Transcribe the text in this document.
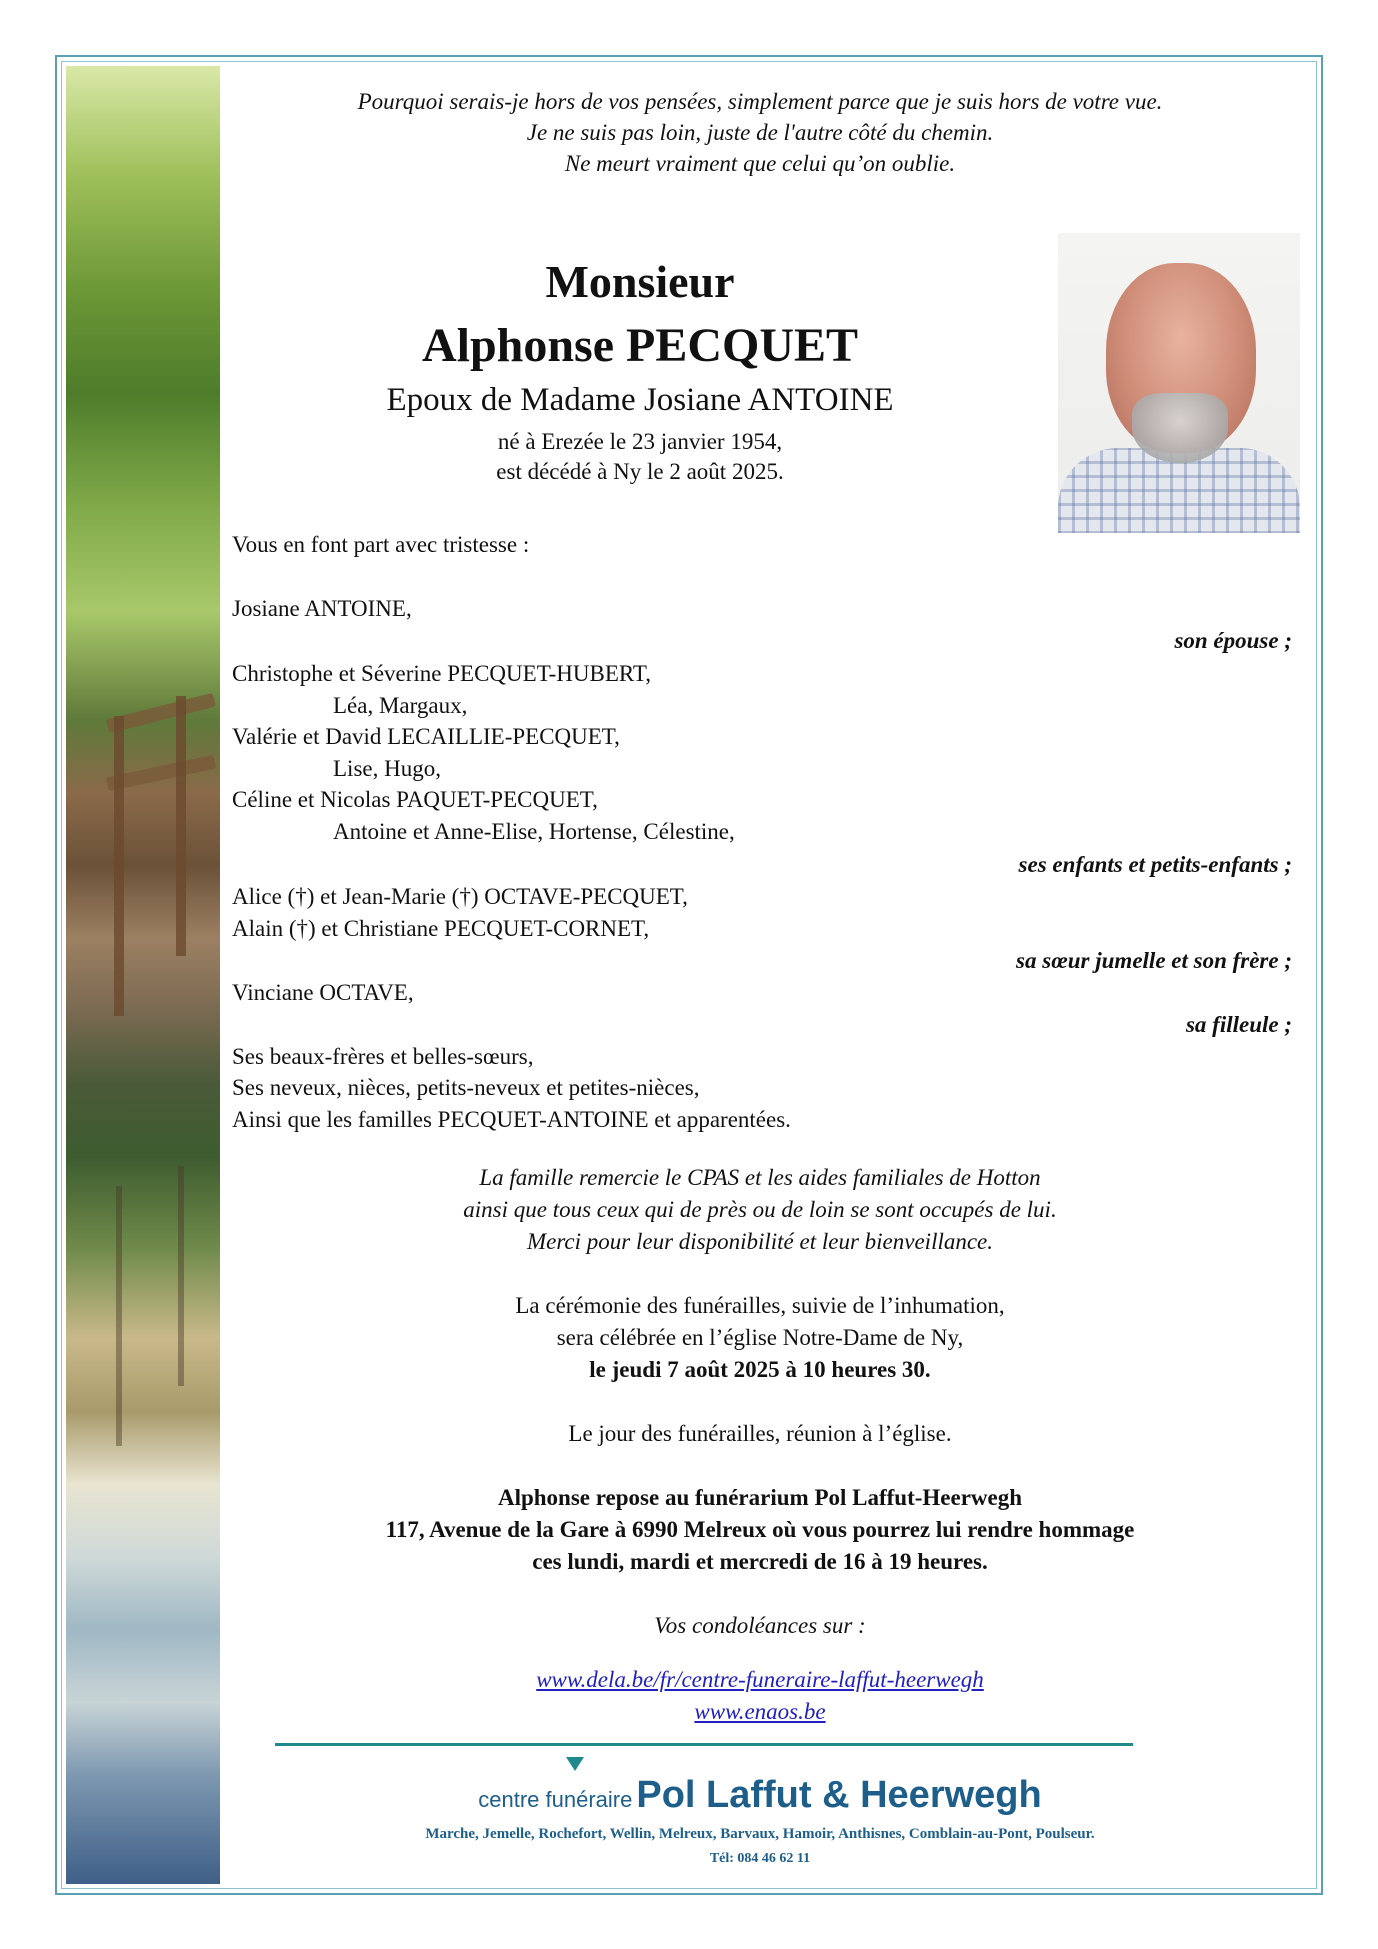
Pourquoi serais-je hors de vos pensées, simplement parce que je suis hors de votre vue.
Je ne suis pas loin, juste de l'autre côté du chemin.
Ne meurt vraiment que celui qu’on oublie.
Monsieur
Alphonse PECQUET
Epoux de Madame Josiane ANTOINE
né à Erezée le 23 janvier 1954,
est décédé à Ny le 2 août 2025.
Vous en font part avec tristesse :
Josiane ANTOINE,
son épouse ;
Christophe et Séverine PECQUET-HUBERT,
Léa, Margaux,
Valérie et David LECAILLIE-PECQUET,
Lise, Hugo,
Céline et Nicolas PAQUET-PECQUET,
Antoine et Anne-Elise, Hortense, Célestine,
ses enfants et petits-enfants ;
Alice (†) et Jean-Marie (†) OCTAVE-PECQUET,
Alain (†) et Christiane PECQUET-CORNET,
sa sœur jumelle et son frère ;
Vinciane OCTAVE,
sa filleule ;
Ses beaux-frères et belles-sœurs,
Ses neveux, nièces, petits-neveux et petites-nièces,
Ainsi que les familles PECQUET-ANTOINE et apparentées.
La famille remercie le CPAS et les aides familiales de Hotton
ainsi que tous ceux qui de près ou de loin se sont occupés de lui.
Merci pour leur disponibilité et leur bienveillance.
La cérémonie des funérailles, suivie de l’inhumation,
sera célébrée en l’église Notre-Dame de Ny,
le jeudi 7 août 2025 à 10 heures 30.
Le jour des funérailles, réunion à l’église.
Alphonse repose au funérarium Pol Laffut-Heerwegh
117, Avenue de la Gare à 6990 Melreux où vous pourrez lui rendre hommage
ces lundi, mardi et mercredi de 16 à 19 heures.
Vos condoléances sur :
www.dela.be/fr/centre-funeraire-laffut-heerwegh
www.enaos.be
centre funéraire Pol Laffut & Heerwegh
Marche, Jemelle, Rochefort, Wellin, Melreux, Barvaux, Hamoir, Anthisnes, Comblain-au-Pont, Poulseur.
Tél: 084 46 62 11
